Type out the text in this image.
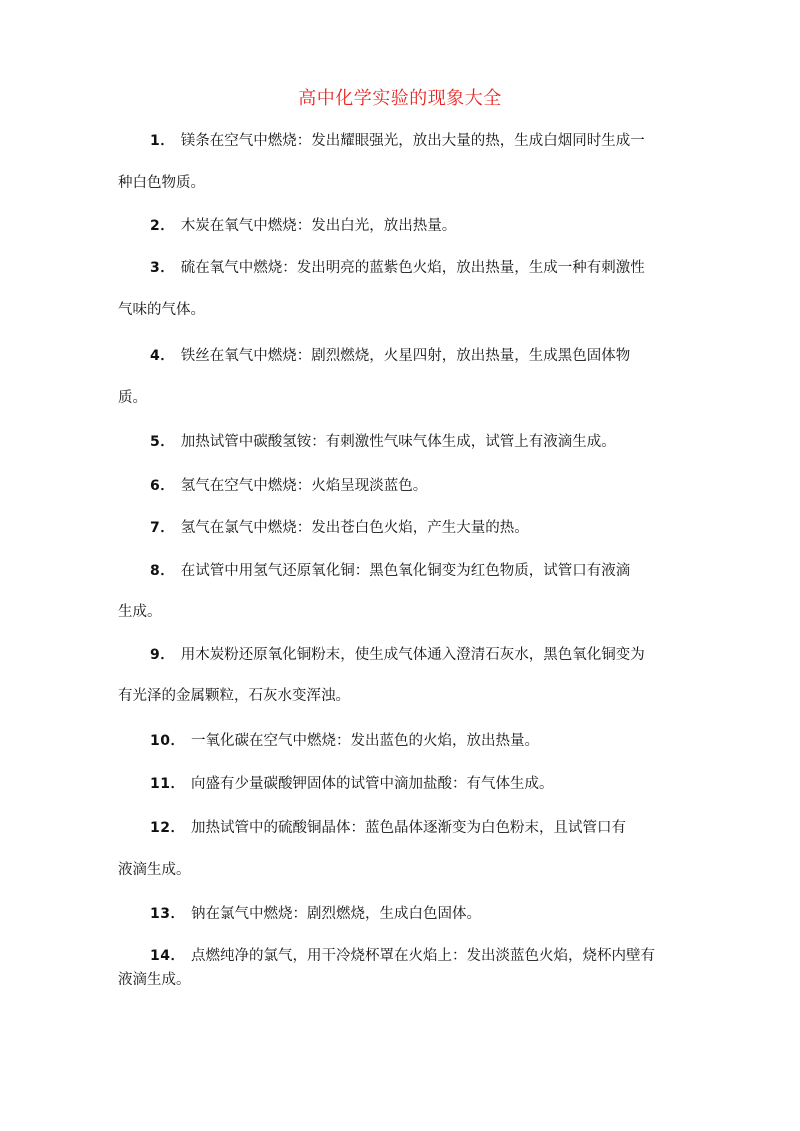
高中化学实验的现象大全
1． 镁条在空气中燃烧：发出耀眼强光，放出大量的热，生成白烟同时生成一
种白色物质。
2． 木炭在氧气中燃烧：发出白光，放出热量。
3． 硫在氧气中燃烧：发出明亮的蓝紫色火焰，放出热量，生成一种有刺激性
气味的气体。
4． 铁丝在氧气中燃烧：剧烈燃烧，火星四射，放出热量，生成黑色固体物
质。
5． 加热试管中碳酸氢铵：有刺激性气味气体生成，试管上有液滴生成。
6． 氢气在空气中燃烧：火焰呈现淡蓝色。
7． 氢气在氯气中燃烧：发出苍白色火焰，产生大量的热。
8． 在试管中用氢气还原氧化铜：黑色氧化铜变为红色物质，试管口有液滴
生成。
9． 用木炭粉还原氧化铜粉末，使生成气体通入澄清石灰水，黑色氧化铜变为
有光泽的金属颗粒，石灰水变浑浊。
10． 一氧化碳在空气中燃烧：发出蓝色的火焰，放出热量。
11． 向盛有少量碳酸钾固体的试管中滴加盐酸：有气体生成。
12． 加热试管中的硫酸铜晶体：蓝色晶体逐渐变为白色粉末，且试管口有
液滴生成。
13． 钠在氯气中燃烧：剧烈燃烧，生成白色固体。
14． 点燃纯净的氯气，用干冷烧杯罩在火焰上：发出淡蓝色火焰，烧杯内壁有
液滴生成。
